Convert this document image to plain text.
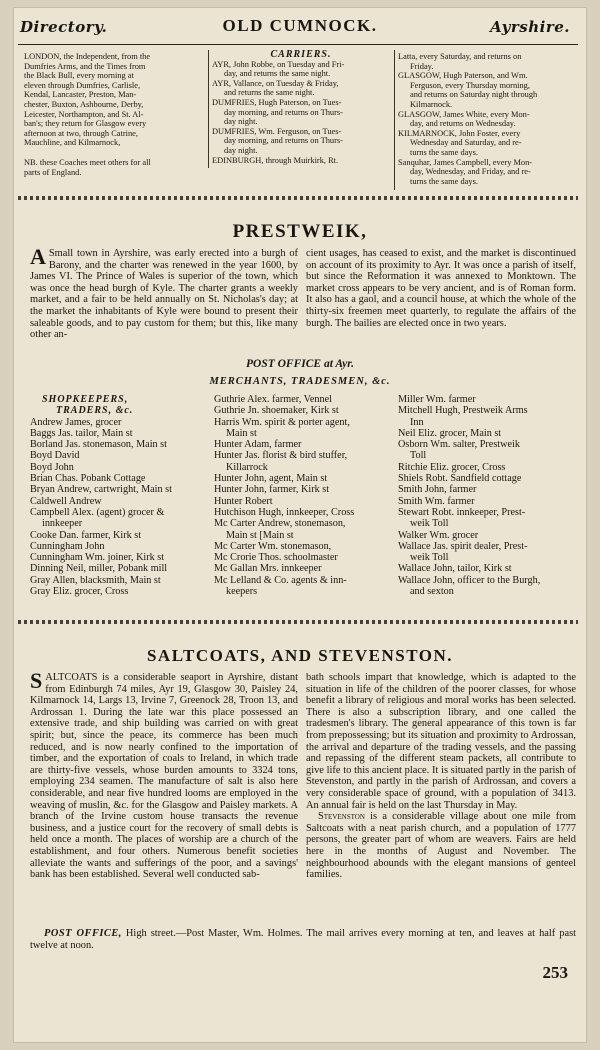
Directory.	OLD CUMNOCK.	Ayrshire.
LONDON, the Independent, from the
Dumfries Arms, and the Times from
the Black Bull, every morning at
eleven through Dumfries, Carlisle,
Kendal, Lancaster, Preston, Man-
chester, Buxton, Ashbourne, Derby,
Leicester, Northampton, and St. Al-
ban's; they return for Glasgow every
afternoon at two, through Catrine,
Mauchline, and Kilmarnock,
NB. these Coaches meet others for all
parts of England.
CARRIERS.
AYR, John Robbe, on Tuesday and Fri-
day, and returns the same night.
AYR, Vallance, on Tuesday & Friday,
and returns the same night.
DUMFRIES, Hugh Paterson, on Tues-
day morning, and returns on Thurs-
day night.
DUMFRIES, Wm. Ferguson, on Tues-
day morning, and returns on Thurs-
day night.
EDINBURGH, through Muirkirk, Rt.
Latta, every Saturday, and returns on
Friday.
GLASGOW, Hugh Paterson, and Wm.
Ferguson, every Thursday morning,
and returns on Saturday night through
Kilmarnock.
GLASGOW, James White, every Mon-
day, and returns on Wednesday.
KILMARNOCK, John Foster, every
Wednesday and Saturday, and re-
turns the same days.
Sanquhar, James Campbell, every Mon-
day, Wednesday, and Friday, and re-
turns the same days.
PRESTWEIK,

A Small town in Ayrshire, was early erected into a burgh of Barony, and the charter was renewed in the year 1600, by James VI. The Prince of Wales is superior of the town, which was once the head burgh of Kyle. The charter grants a weekly market, and a fair to be held annually on St. Nicholas's day; at the market the inhabitants of Kyle were bound to present their saleable goods, and to pay custom for them; but this, like many other an-

cient usages, has ceased to exist, and the market is discontinued on account of its proximity to Ayr. It was once a parish of itself, but since the Reformation it was annexed to Monktown. The market cross appears to be very ancient, and is of Roman form. It also has a gaol, and a council house, at which the whole of the thirty-six freemen meet quarterly, to regulate the affairs of the burgh. The bailies are elected once in two years.

POST OFFICE at Ayr.
MERCHANTS, TRADESMEN, &c.
SHOPKEEPERS,
TRADERS, &c.
Andrew James, grocer
Baggs Jas. tailor, Main st
Borland Jas. stonemason, Main st
Boyd David
Boyd John
Brian Chas. Pobank Cottage
Bryan Andrew, cartwright, Main st
Caldwell Andrew
Campbell Alex. (agent) grocer &
innkeeper
Cooke Dan. farmer, Kirk st
Cunningham John
Cunningham Wm. joiner, Kirk st
Dinning Neil, miller, Pobank mill
Gray Allen, blacksmith, Main st
Gray Eliz. grocer, Cross
Guthrie Alex. farmer, Vennel
Guthrie Jn. shoemaker, Kirk st
Harris Wm. spirit & porter agent,
Main st
Hunter Adam, farmer
Hunter Jas. florist & bird stuffer,
Killarrock
Hunter John, agent, Main st
Hunter John, farmer, Kirk st
Hunter Robert
Hutchison Hugh, innkeeper, Cross
Mc Carter Andrew, stonemason,
Main st [Main st
Mc Carter Wm. stonemason,
Mc Crorie Thos. schoolmaster
Mc Gallan Mrs. innkeeper
Mc Lelland & Co. agents & inn-
keepers
Miller Wm. farmer
Mitchell Hugh, Prestweik Arms
Inn
Neil Eliz. grocer, Main st
Osborn Wm. salter, Prestweik
Toll
Ritchie Eliz. grocer, Cross
Shiels Robt. Sandfield cottage
Smith John, farmer
Smith Wm. farmer
Stewart Robt. innkeeper, Prest-
weik Toll
Walker Wm. grocer
Wallace Jas. spirit dealer, Prest-
weik Toll
Wallace John, tailor, Kirk st
Wallace John, officer to the Burgh,
and sexton
SALTCOATS, AND STEVENSTON.

SALTCOATS is a considerable seaport in Ayrshire, distant from Edinburgh 74 miles, Ayr 19, Glasgow 30, Paisley 24, Kilmarnock 14, Largs 13, Irvine 7, Greenock 28, Troon 13, and Ardrossan 1. During the late war this place possessed an extensive trade, and ship building was carried on with great spirit; but, since the peace, its commerce has been much reduced, and is now nearly confined to the importation of timber, and the exportation of coals to Ireland, in which trade are thirty-five vessels, whose burden amounts to 3324 tons, employing 234 seamen. The manufacture of salt is also here considerable, and near five hundred looms are employed in the weaving of muslin, &c. for the Glasgow and Paisley markets. A branch of the Irvine custom house transacts the revenue business, and a justice court for the recovery of small debts is held once a month. The places of worship are a church of the establishment, and four others. Numerous benefit societies alleviate the wants and sufferings of the poor, and a savings' bank has been established. Several well conducted sab-

bath schools impart that knowledge, which is adapted to the situation in life of the children of the poorer classes, for whose benefit a library of religious and moral works has been selected. There is also a subscription library, and one called the tradesmen's library. The general appearance of this town is far from prepossessing; but its situation and proximity to Ardrossan, the arrival and departure of the trading vessels, and the passing and repassing of the different steam packets, all contribute to give life to this ancient place. It is situated partly in the parish of Stevenston, and partly in the parish of Ardrossan, and covers a very considerable space of ground, with a population of 3413. An annual fair is held on the last Thursday in May.

Stevenston is a considerable village about one mile from Saltcoats with a neat parish church, and a population of 1777 persons, the greater part of whom are weavers. Fairs are held here in the months of August and November. The neighbourhood abounds with the elegant mansions of genteel families.

POST OFFICE, High street.—Post Master, Wm. Holmes. The mail arrives every morning at ten, and leaves at half past twelve at noon.

253
